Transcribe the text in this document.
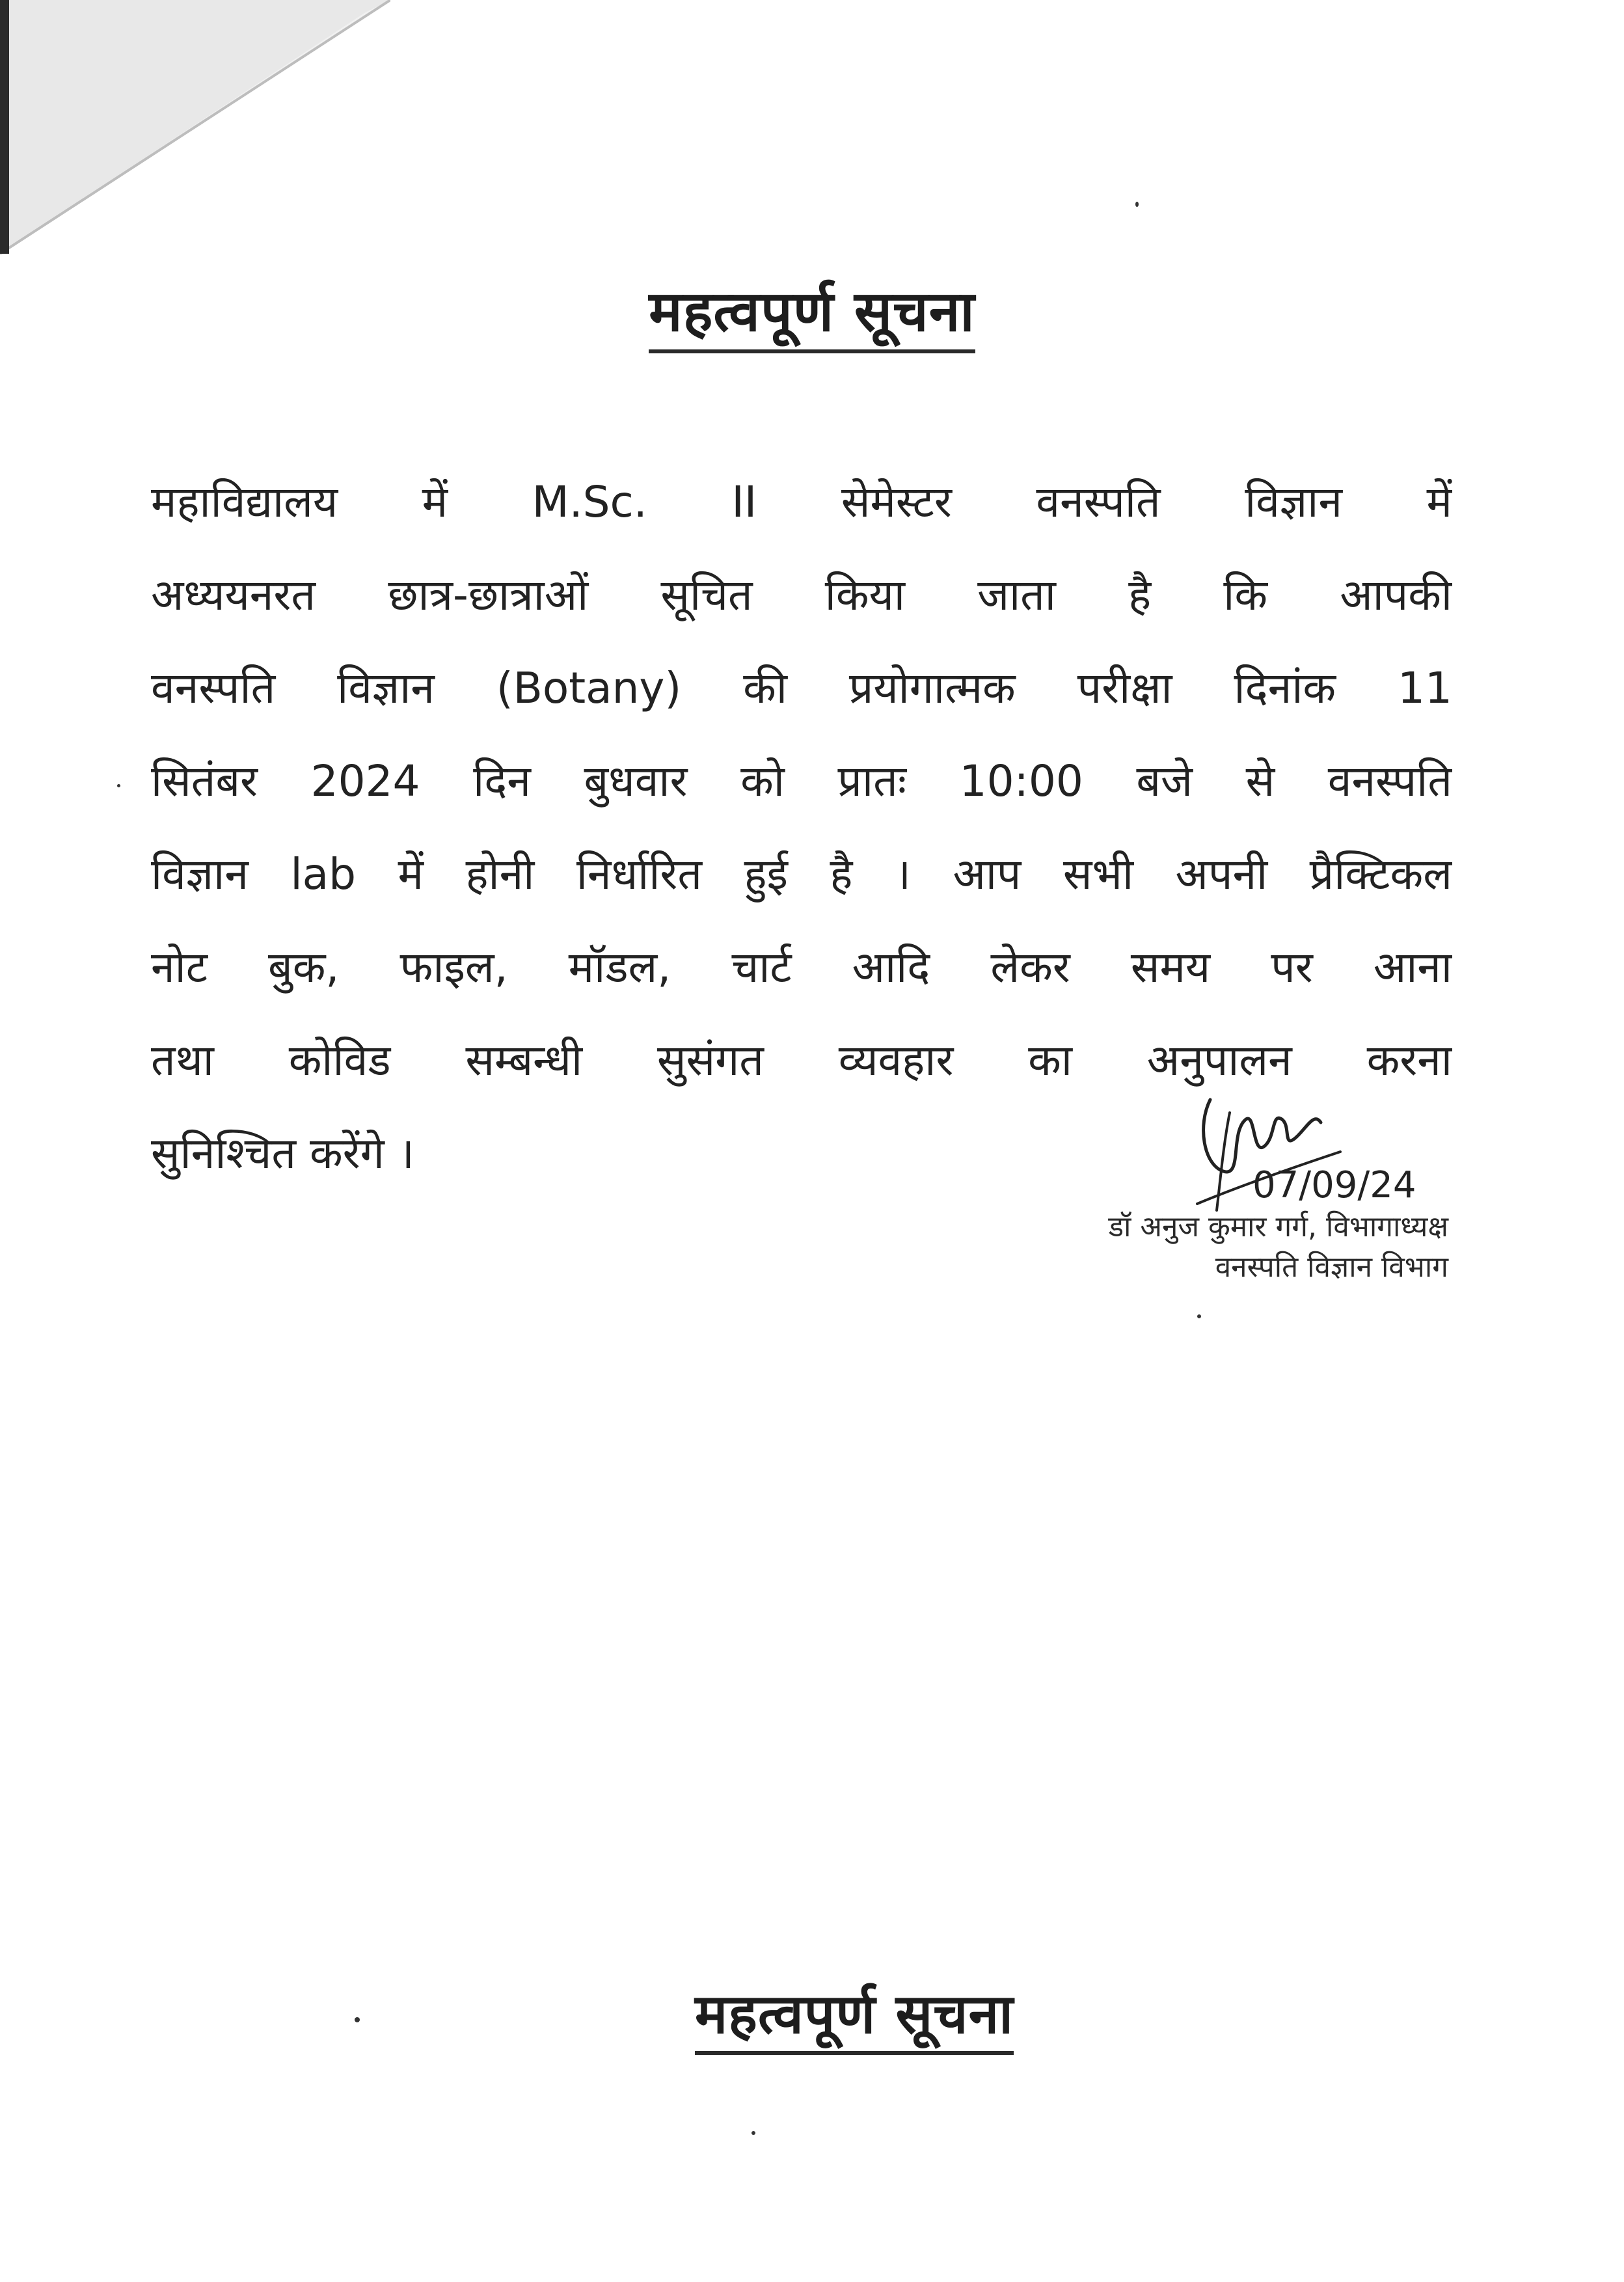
महत्वपूर्ण सूचना
महाविद्यालय में M.Sc. II सेमेस्टर वनस्पति विज्ञान में
अध्ययनरत छात्र-छात्राओं सूचित किया जाता है कि आपकी
वनस्पति विज्ञान (Botany) की प्रयोगात्मक परीक्षा दिनांक 11
सितंबर 2024 दिन बुधवार को प्रातः 10:00 बजे से वनस्पति
विज्ञान lab में होनी निर्धारित हुई है । आप सभी अपनी प्रैक्टिकल
नोट बुक, फाइल, मॉडल, चार्ट आदि लेकर समय पर आना
तथा कोविड सम्बन्धी सुसंगत व्यवहार का अनुपालन करना
सुनिश्चित करेंगे ।
07/09/24
डॉ अनुज कुमार गर्ग, विभागाध्यक्ष
वनस्पति विज्ञान विभाग
महत्वपूर्ण सूचना
